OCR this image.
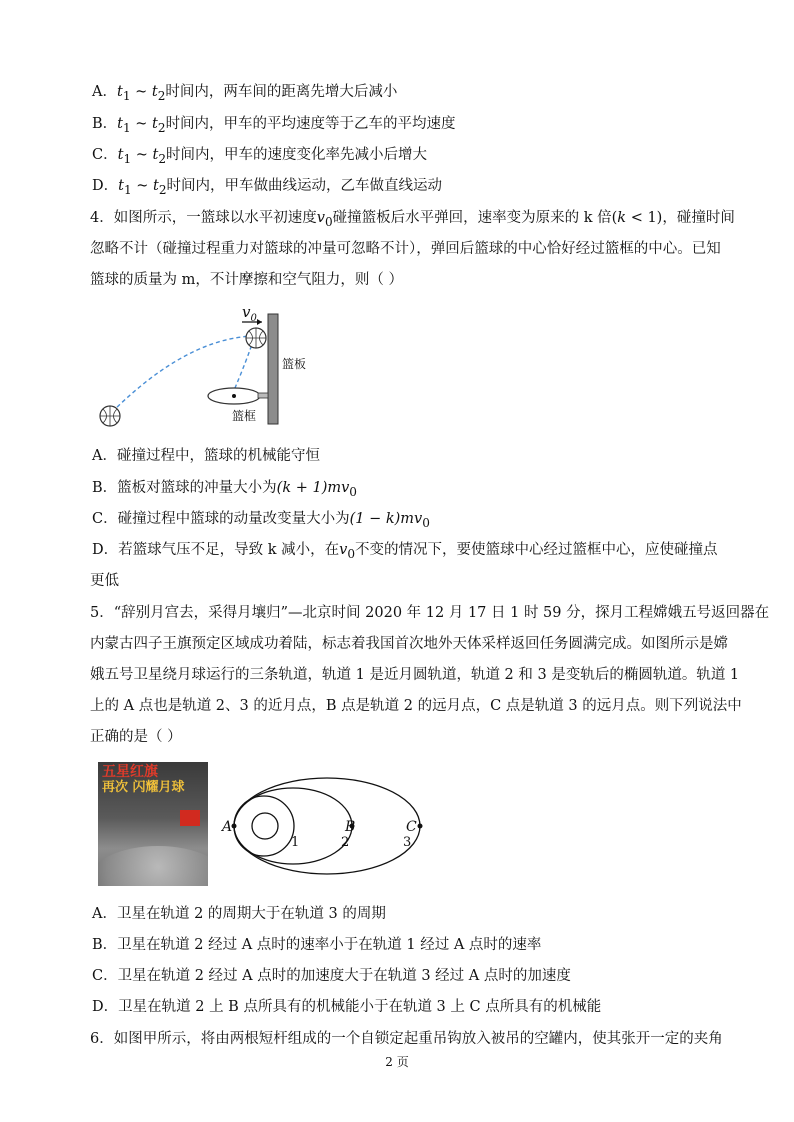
A．$t_1$ ~ $t_2$时间内，两车间的距离先增大后减小
B．$t_1$ ~ $t_2$时间内，甲车的平均速度等于乙车的平均速度
C．$t_1$ ~ $t_2$时间内，甲车的速度变化率先减小后增大
D．$t_1$ ~ $t_2$时间内，甲车做曲线运动，乙车做直线运动
4．如图所示，一篮球以水平初速度$v_0$碰撞篮板后水平弹回，速率变为原来的 k 倍(k < 1)，碰撞时间
忽略不计（碰撞过程重力对篮球的冲量可忽略不计），弹回后篮球的中心恰好经过篮框的中心。已知
篮球的质量为 m，不计摩擦和空气阻力，则（ ）
$v_0$
篮板
篮框
A．碰撞过程中，篮球的机械能守恒
B．篮板对篮球的冲量大小为$(k + 1)mv_0$
C．碰撞过程中篮球的动量改变量大小为$(1 - k)mv_0$
D．若篮球气压不足，导致 k 减小，在$v_0$不变的情况下，要使篮球中心经过篮框中心，应使碰撞点
更低
5．“辞别月宫去，采得月壤归”—北京时间 2020 年 12 月 17 日 1 时 59 分，探月工程嫦娥五号返回器在
内蒙古四子王旗预定区域成功着陆，标志着我国首次地外天体采样返回任务圆满完成。如图所示是嫦
娥五号卫星绕月球运行的三条轨道，轨道 1 是近月圆轨道，轨道 2 和 3 是变轨后的椭圆轨道。轨道 1
上的 A 点也是轨道 2、3 的近月点，B 点是轨道 2 的远月点，C 点是轨道 3 的远月点。则下列说法中
正确的是（ ）
五星红旗
再次 闪耀月球
A	B	C
1	2	3
A．卫星在轨道 2 的周期大于在轨道 3 的周期
B．卫星在轨道 2 经过 A 点时的速率小于在轨道 1 经过 A 点时的速率
C．卫星在轨道 2 经过 A 点时的加速度大于在轨道 3 经过 A 点时的加速度
D．卫星在轨道 2 上 B 点所具有的机械能小于在轨道 3 上 C 点所具有的机械能
6．如图甲所示，将由两根短杆组成的一个自锁定起重吊钩放入被吊的空罐内，使其张开一定的夹角
2 页
